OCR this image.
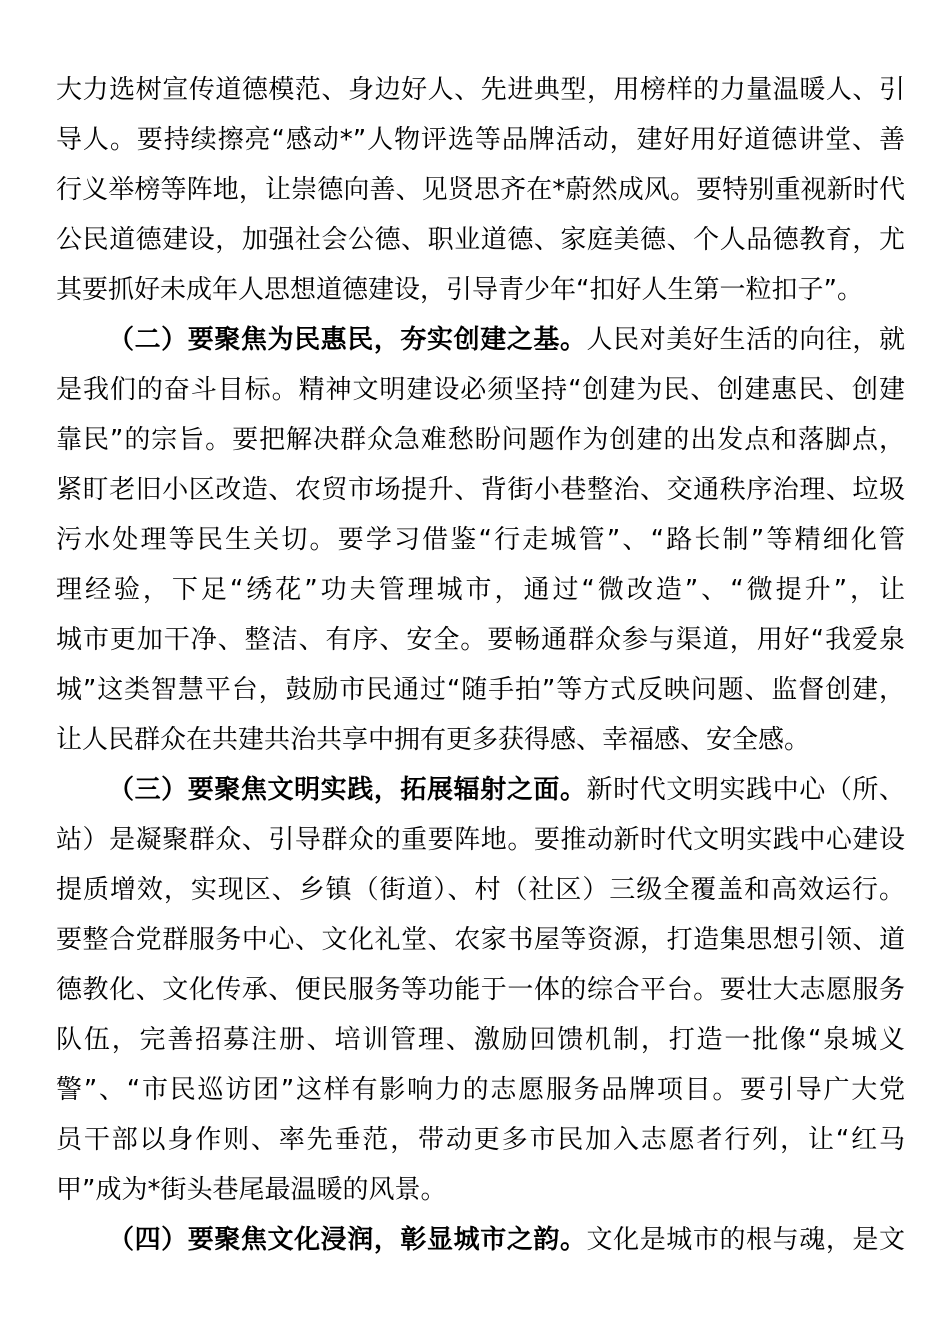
大力选树宣传道德模范、身边好人、先进典型，用榜样的力量温暖人、引
导人。要持续擦亮“感动*”人物评选等品牌活动，建好用好道德讲堂、善
行义举榜等阵地，让崇德向善、见贤思齐在*蔚然成风。要特别重视新时代
公民道德建设，加强社会公德、职业道德、家庭美德、个人品德教育，尤
其要抓好未成年人思想道德建设，引导青少年“扣好人生第一粒扣子”。
（二）要聚焦为民惠民，夯实创建之基。人民对美好生活的向往，就
是我们的奋斗目标。精神文明建设必须坚持“创建为民、创建惠民、创建
靠民”的宗旨。要把解决群众急难愁盼问题作为创建的出发点和落脚点，
紧盯老旧小区改造、农贸市场提升、背街小巷整治、交通秩序治理、垃圾
污水处理等民生关切。要学习借鉴“行走城管”、“路长制”等精细化管
理经验，下足“绣花”功夫管理城市，通过“微改造”、“微提升”，让
城市更加干净、整洁、有序、安全。要畅通群众参与渠道，用好“我爱泉
城”这类智慧平台，鼓励市民通过“随手拍”等方式反映问题、监督创建，
让人民群众在共建共治共享中拥有更多获得感、幸福感、安全感。
（三）要聚焦文明实践，拓展辐射之面。新时代文明实践中心（所、
站）是凝聚群众、引导群众的重要阵地。要推动新时代文明实践中心建设
提质增效，实现区、乡镇（街道）、村（社区）三级全覆盖和高效运行。
要整合党群服务中心、文化礼堂、农家书屋等资源，打造集思想引领、道
德教化、文化传承、便民服务等功能于一体的综合平台。要壮大志愿服务
队伍，完善招募注册、培训管理、激励回馈机制，打造一批像“泉城义
警”、“市民巡访团”这样有影响力的志愿服务品牌项目。要引导广大党
员干部以身作则、率先垂范，带动更多市民加入志愿者行列，让“红马
甲”成为*街头巷尾最温暖的风景。
（四）要聚焦文化浸润，彰显城市之韵。文化是城市的根与魂，是文
